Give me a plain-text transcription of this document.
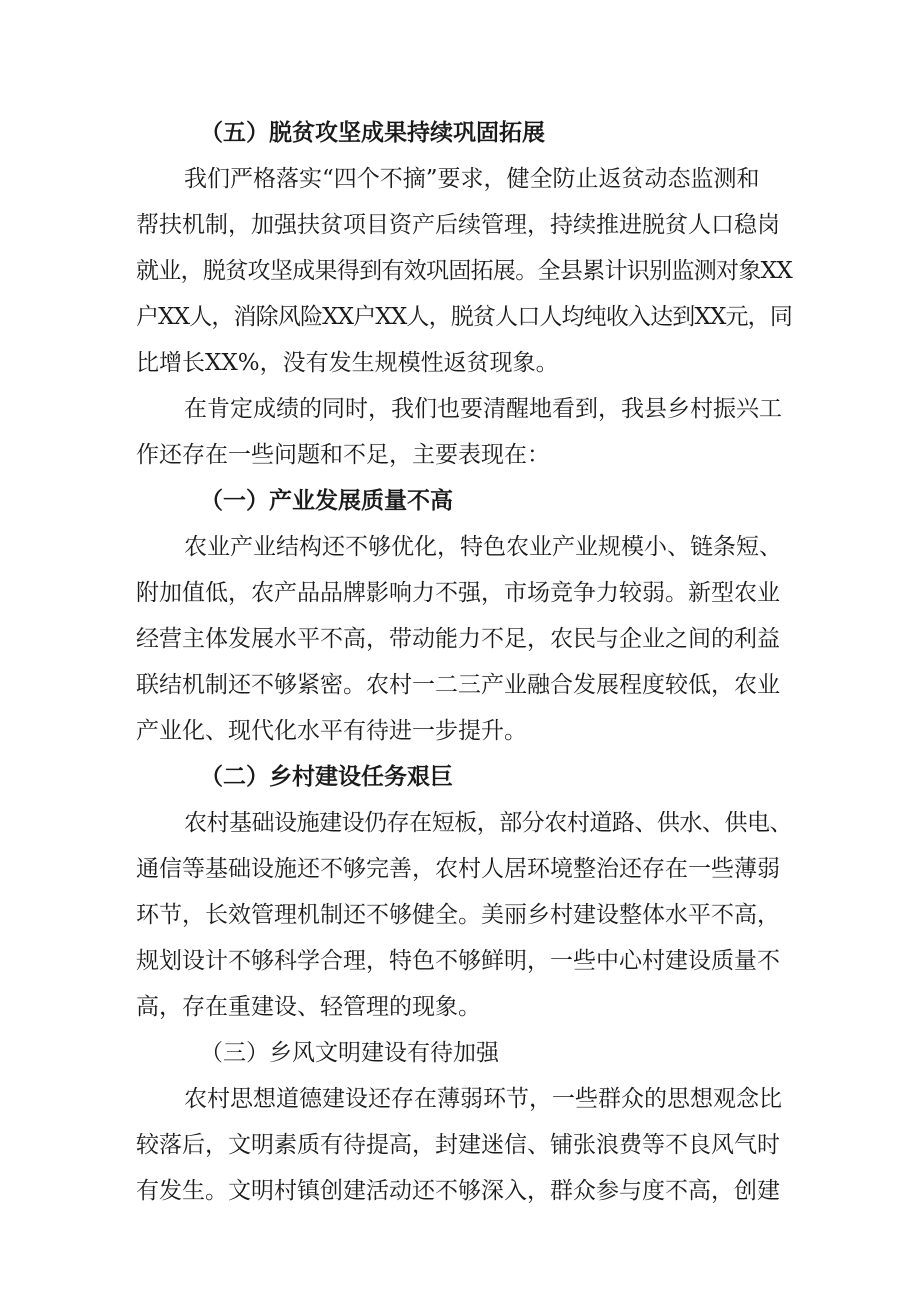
（五）脱贫攻坚成果持续巩固拓展
我们严格落实“四个不摘”要求，健全防止返贫动态监测和
帮扶机制，加强扶贫项目资产后续管理，持续推进脱贫人口稳岗
就业，脱贫攻坚成果得到有效巩固拓展。全县累计识别监测对象XX
户XX人，消除风险XX户XX人，脱贫人口人均纯收入达到XX元，同
比增长XX%，没有发生规模性返贫现象。
在肯定成绩的同时，我们也要清醒地看到，我县乡村振兴工
作还存在一些问题和不足，主要表现在：
（一）产业发展质量不高
农业产业结构还不够优化，特色农业产业规模小、链条短、
附加值低，农产品品牌影响力不强，市场竞争力较弱。新型农业
经营主体发展水平不高，带动能力不足，农民与企业之间的利益
联结机制还不够紧密。农村一二三产业融合发展程度较低，农业
产业化、现代化水平有待进一步提升。
（二）乡村建设任务艰巨
农村基础设施建设仍存在短板，部分农村道路、供水、供电、
通信等基础设施还不够完善，农村人居环境整治还存在一些薄弱
环节，长效管理机制还不够健全。美丽乡村建设整体水平不高，
规划设计不够科学合理，特色不够鲜明，一些中心村建设质量不
高，存在重建设、轻管理的现象。
（三）乡风文明建设有待加强
农村思想道德建设还存在薄弱环节，一些群众的思想观念比
较落后，文明素质有待提高，封建迷信、铺张浪费等不良风气时
有发生。文明村镇创建活动还不够深入，群众参与度不高，创建
